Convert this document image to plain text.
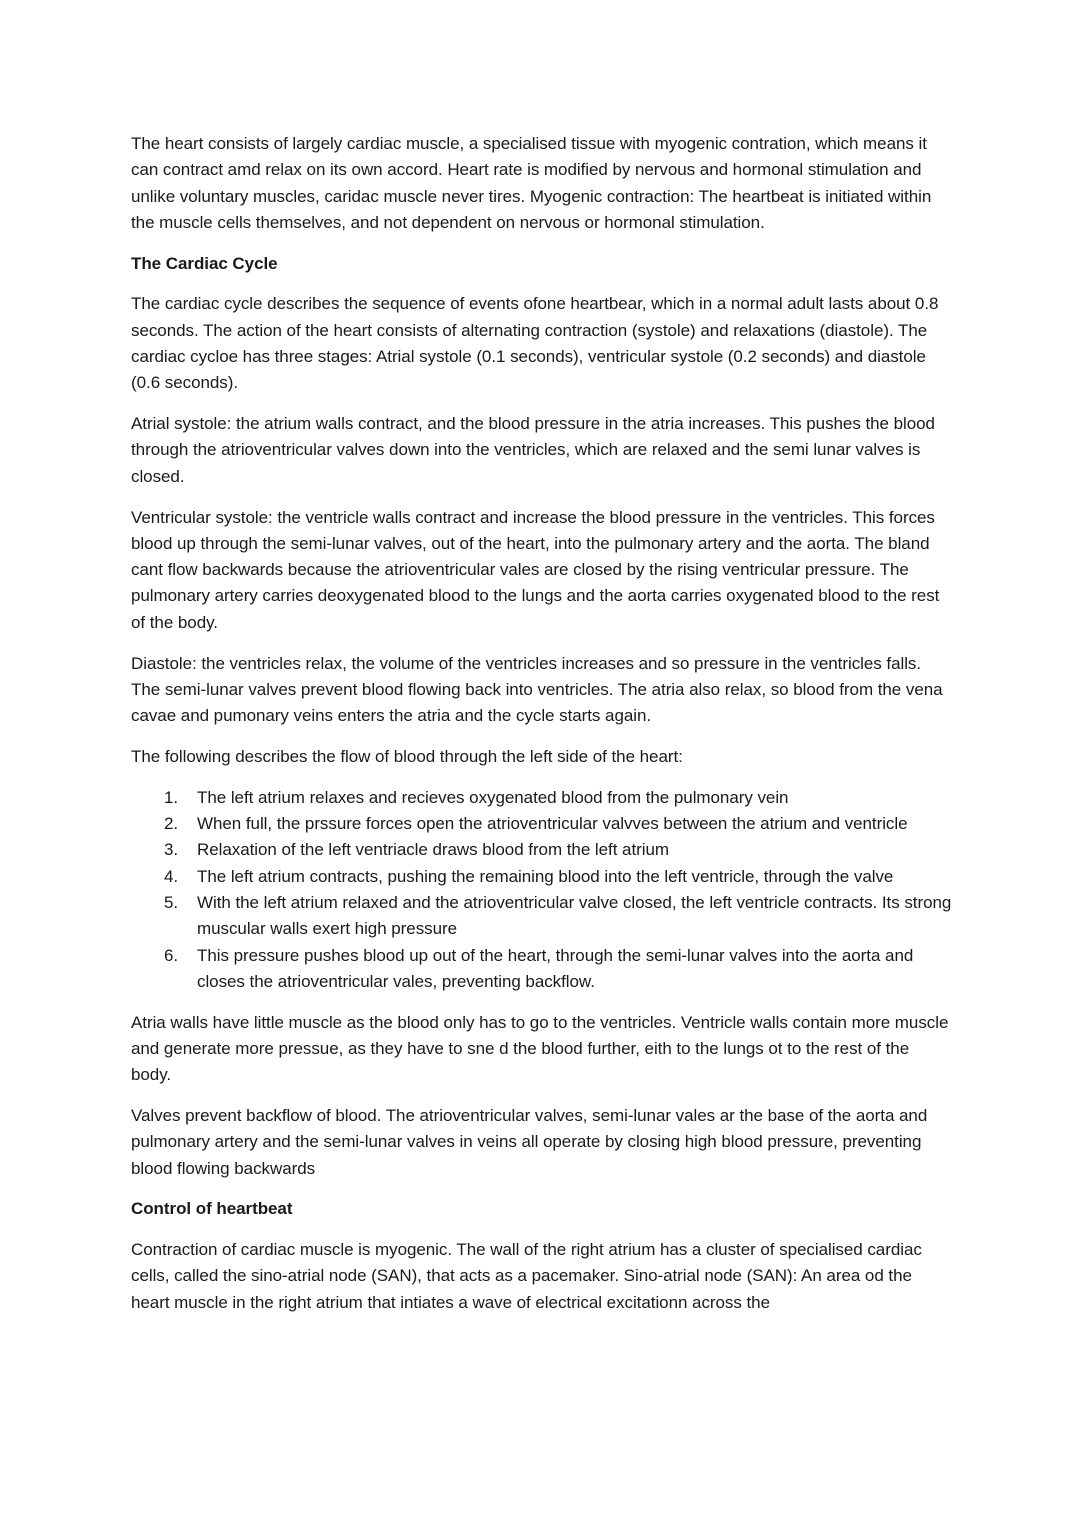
The heart consists of largely cardiac muscle, a specialised tissue with myogenic contration, which means it can contract amd relax on its own accord. Heart rate is modified by nervous and hormonal stimulation and unlike voluntary muscles, caridac muscle never tires. Myogenic contraction: The heartbeat is initiated within the muscle cells themselves, and not dependent on nervous or hormonal stimulation.

The Cardiac Cycle

The cardiac cycle describes the sequence of events ofone heartbear, which in a normal adult lasts about 0.8 seconds. The action of the heart consists of alternating contraction (systole) and relaxations (diastole). The cardiac cycloe has three stages: Atrial systole (0.1 seconds), ventricular systole (0.2 seconds) and diastole (0.6 seconds).

Atrial systole: the atrium walls contract, and the blood pressure in the atria increases. This pushes the blood through the atrioventricular valves down into the ventricles, which are relaxed and the semi lunar valves is closed.

Ventricular systole: the ventricle walls contract and increase the blood pressure in the ventricles. This forces blood up through the semi-lunar valves, out of the heart, into the pulmonary artery and the aorta. The bland cant flow backwards because the atrioventricular vales are closed by the rising ventricular pressure. The pulmonary artery carries deoxygenated blood to the lungs and the aorta carries oxygenated blood to the rest of the body.

Diastole: the ventricles relax, the volume of the ventricles increases and so pressure in the ventricles falls. The semi-lunar valves prevent blood flowing back into ventricles. The atria also relax, so blood from the vena cavae and pumonary veins enters the atria and the cycle starts again.

The following describes the flow of blood through the left side of the heart:

1.	The left atrium relaxes and recieves oxygenated blood from the pulmonary vein
2.	When full, the prssure forces open the atrioventricular valvves between the atrium and ventricle
3.	Relaxation of the left ventriacle draws blood from the left atrium
4.	The left atrium contracts, pushing the remaining blood into the left ventricle, through the valve
5.	With the left atrium relaxed and the atrioventricular valve closed, the left ventricle contracts. Its strong muscular walls exert high pressure
6.	This pressure pushes blood up out of the heart, through the semi-lunar valves into the aorta and closes the atrioventricular vales, preventing backflow.

Atria walls have little muscle as the blood only has to go to the ventricles. Ventricle walls contain more muscle and generate more pressue, as they have to sne d the blood further, eith to the lungs ot to the rest of the body.

Valves prevent backflow of blood. The atrioventricular valves, semi-lunar vales ar the base of the aorta and pulmonary artery and the semi-lunar valves in veins all operate by closing high blood pressure, preventing blood flowing backwards

Control of heartbeat

Contraction of cardiac muscle is myogenic. The wall of the right atrium has a cluster of specialised cardiac cells, called the sino-atrial node (SAN), that acts as a pacemaker. Sino-atrial node (SAN): An area od the heart muscle in the right atrium that intiates a wave of electrical excitationn across the
